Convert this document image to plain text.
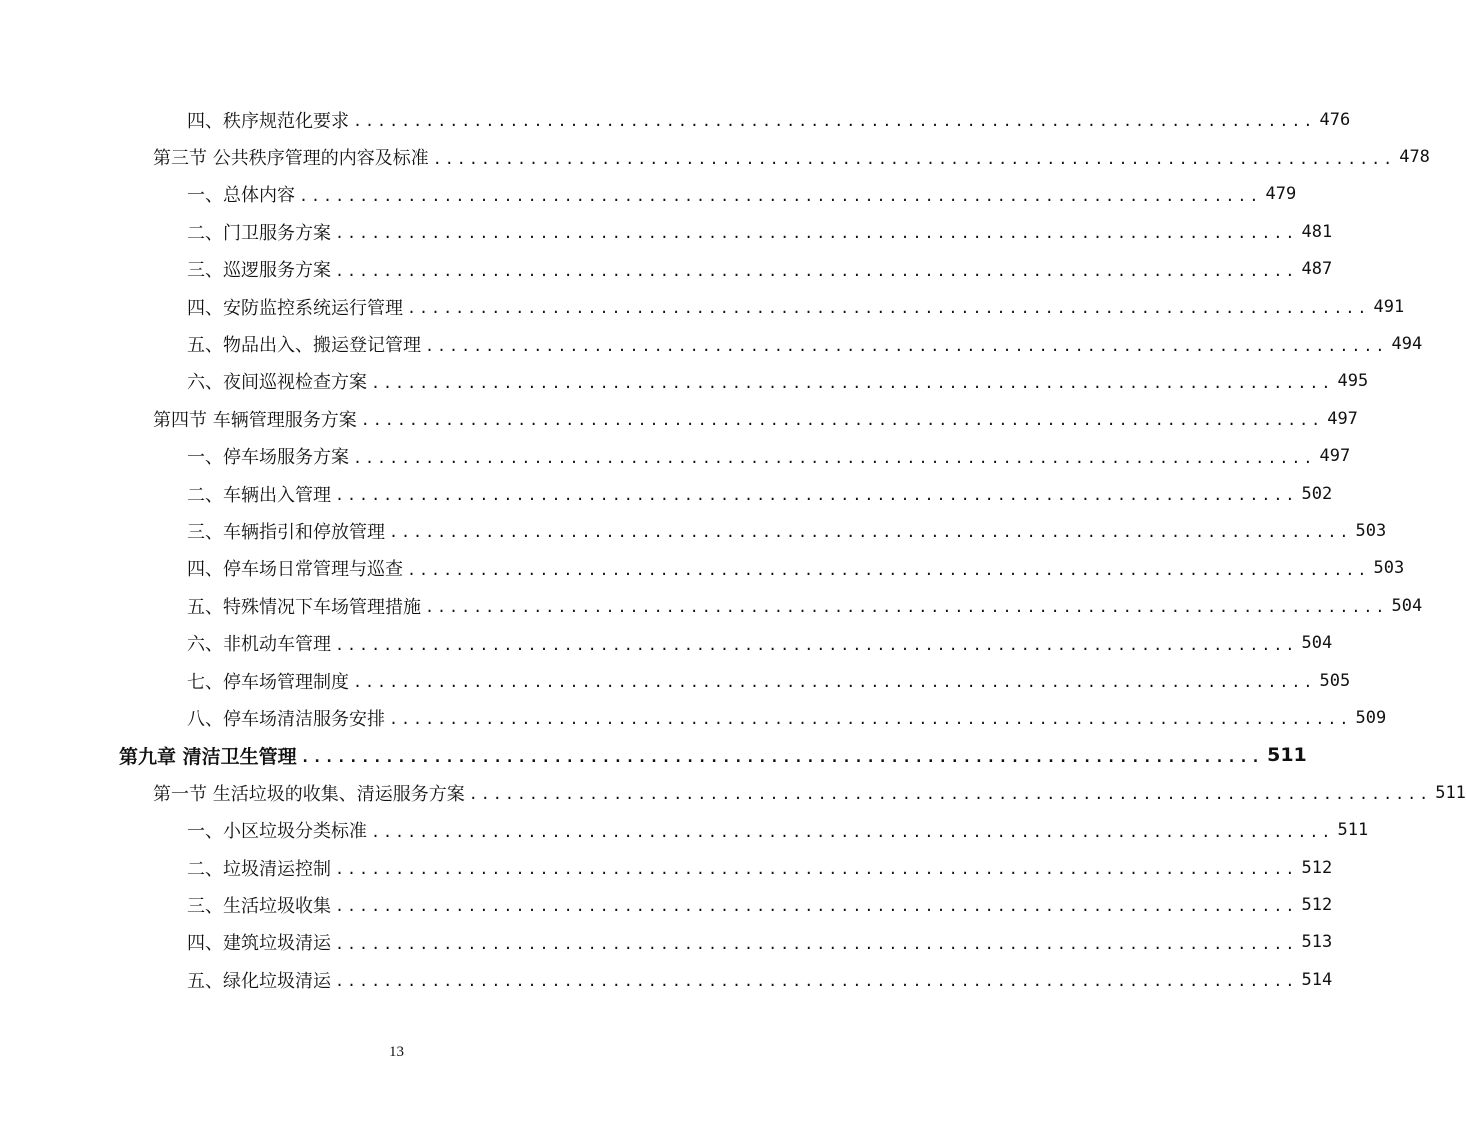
四、秩序规范化要求 ................................................................................ 476
第三节 公共秩序管理的内容及标准 ................................................................................ 478
一、总体内容 ................................................................................ 479
二、门卫服务方案 ................................................................................ 481
三、巡逻服务方案 ................................................................................ 487
四、安防监控系统运行管理 ................................................................................ 491
五、物品出入、搬运登记管理 ................................................................................ 494
六、夜间巡视检查方案 ................................................................................ 495
第四节 车辆管理服务方案 ................................................................................ 497
一、停车场服务方案 ................................................................................ 497
二、车辆出入管理 ................................................................................ 502
三、车辆指引和停放管理 ................................................................................ 503
四、停车场日常管理与巡查 ................................................................................ 503
五、特殊情况下车场管理措施 ................................................................................ 504
六、非机动车管理 ................................................................................ 504
七、停车场管理制度 ................................................................................ 505
八、停车场清洁服务安排 ................................................................................ 509
第九章 清洁卫生管理 ................................................................................ 511
第一节 生活垃圾的收集、清运服务方案 ................................................................................ 511
一、小区垃圾分类标准 ................................................................................ 511
二、垃圾清运控制 ................................................................................ 512
三、生活垃圾收集 ................................................................................ 512
四、建筑垃圾清运 ................................................................................ 513
五、绿化垃圾清运 ................................................................................ 514
13
